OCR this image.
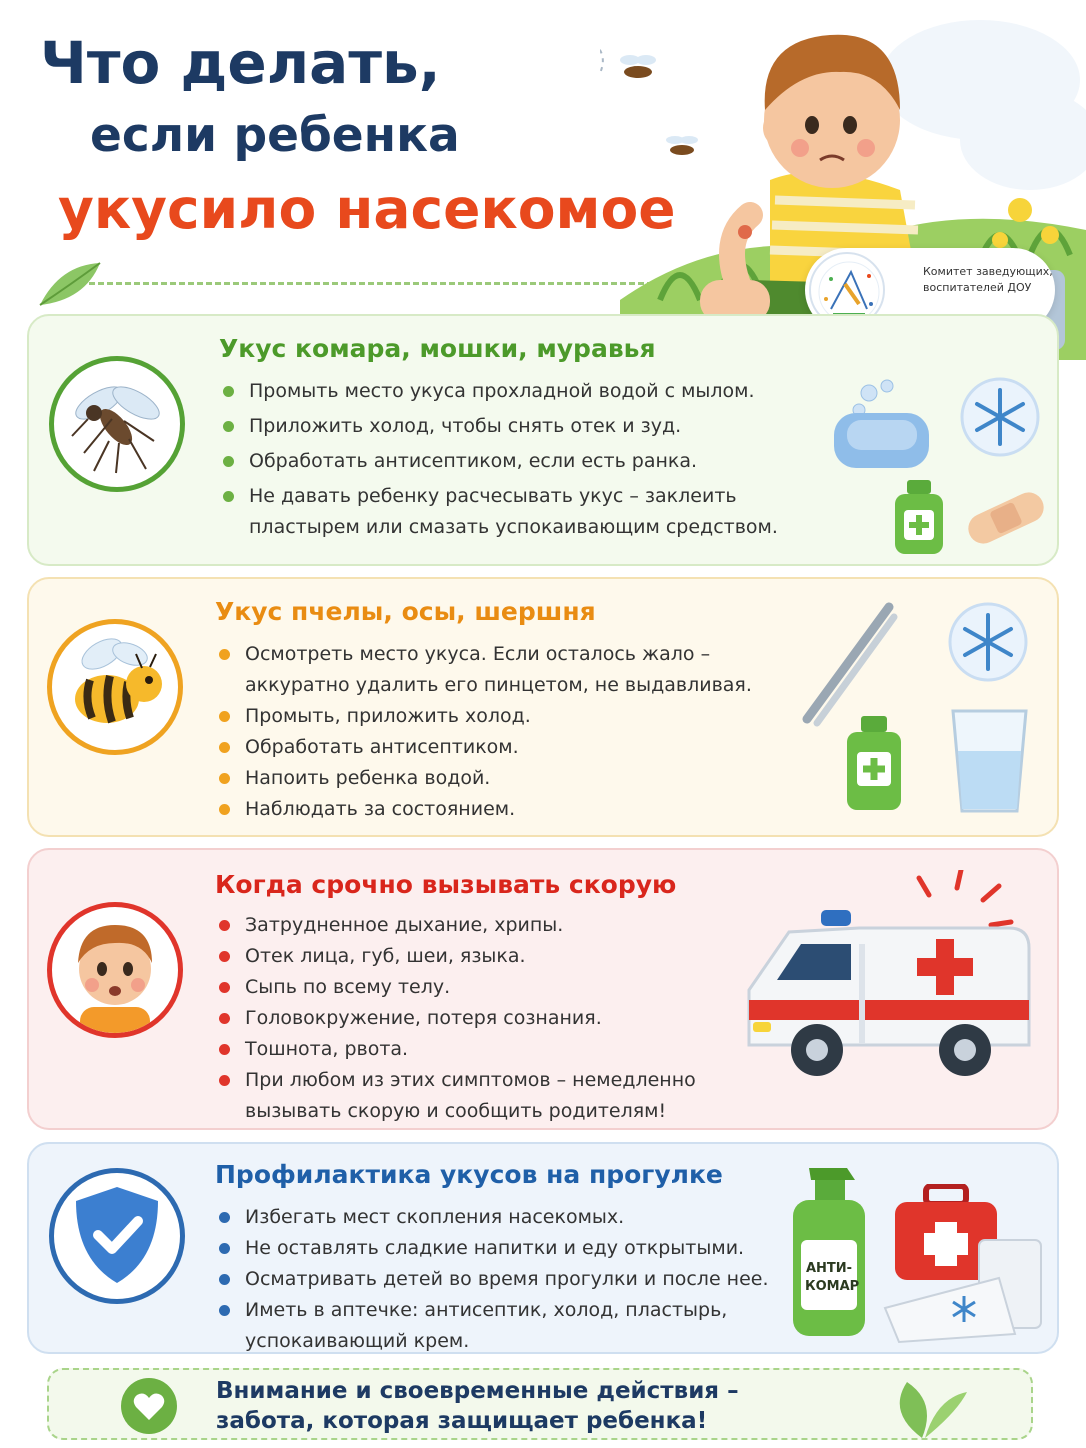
Что делать,
если ребенка
укусило насекомое
Комитет заведующих, воспитателей ДОУ
Укус комара, мошки, муравья
Промыть место укуса прохладной водой с мылом.
Приложить холод, чтобы снять отек и зуд.
Обработать антисептиком, если есть ранка.
Не давать ребенку расчесывать укус – заклеить
пластырем или смазать успокаивающим средством.
Укус пчелы, осы, шершня
Осмотреть место укуса. Если осталось жало –
аккуратно удалить его пинцетом, не выдавливая.
Промыть, приложить холод.
Обработать антисептиком.
Напоить ребенка водой.
Наблюдать за состоянием.
Когда срочно вызывать скорую
Затрудненное дыхание, хрипы.
Отек лица, губ, шеи, языка.
Сыпь по всему телу.
Головокружение, потеря сознания.
Тошнота, рвота.
При любом из этих симптомов – немедленно
вызывать скорую и сообщить родителям!
Профилактика укусов на прогулке
Избегать мест скопления насекомых.
Не оставлять сладкие напитки и еду открытыми.
Осматривать детей во время прогулки и после нее.
Иметь в аптечке: антисептик, холод, пластырь,
успокаивающий крем.
АНТИ-
КОМАР
Внимание и своевременные действия –
забота, которая защищает ребенка!
